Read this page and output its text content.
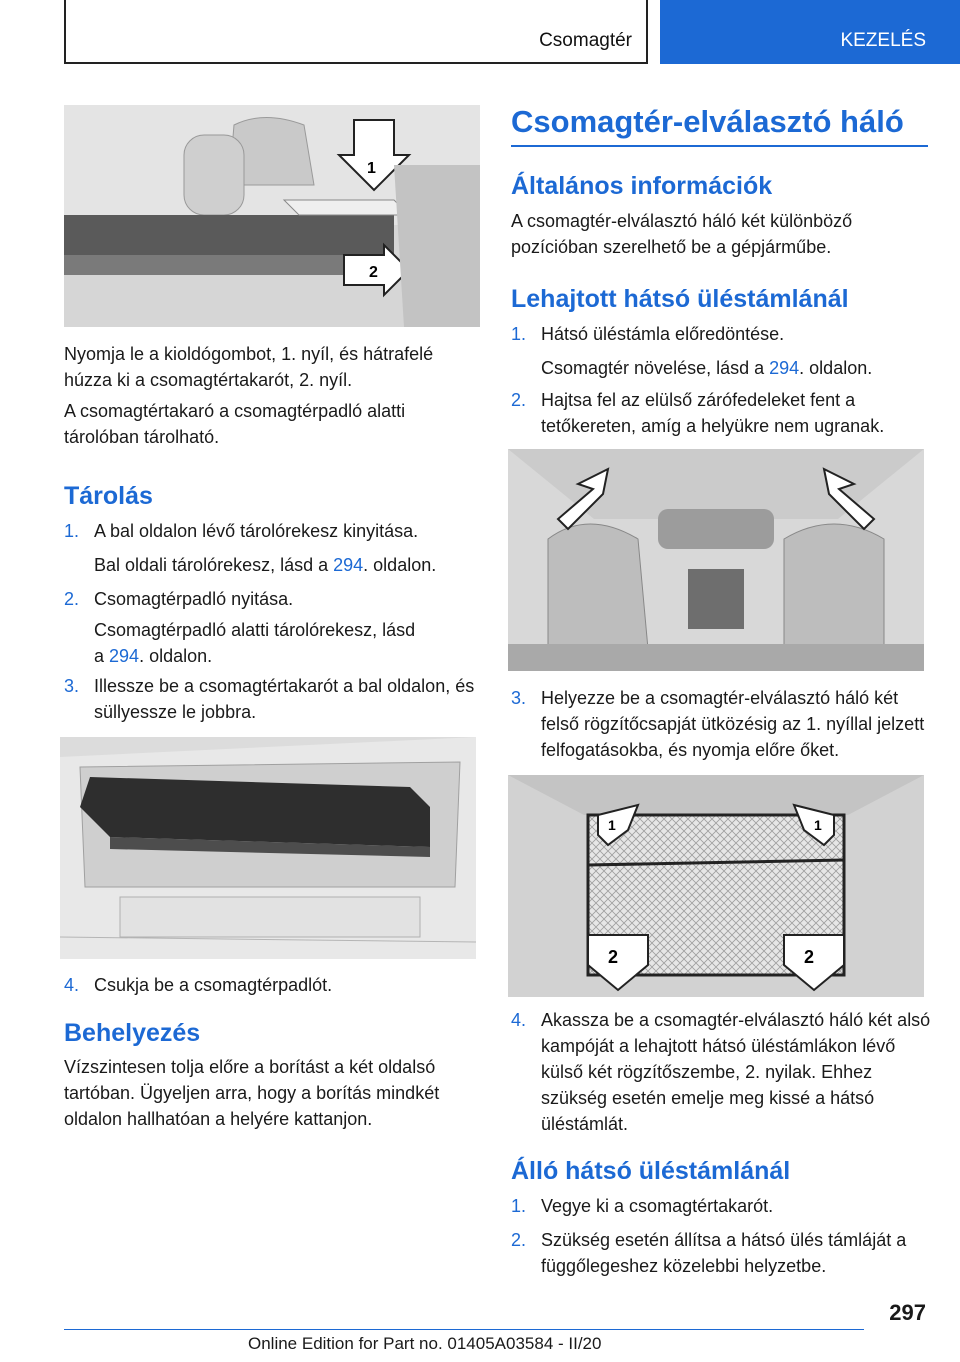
Csomagtér	KEZELÉS
1
2

Nyomja le a kioldógombot, 1. nyíl, és hátrafelé húzza ki a csomagtértakarót, 2. nyíl.

A csomagtértakaró a csomagtérpadló alatti tárolóban tárolható.

Tárolás
1. A bal oldalon lévő tárolórekesz kinyitása.
Bal oldali tárolórekesz, lásd a 294. oldalon.
2. Csomagtérpadló nyitása.
Csomagtérpadló alatti tárolórekesz, lásd
a 294. oldalon.
3. Illessze be a csomagtértakarót a bal oldalon, és süllyessze le jobbra.
4. Csukja be a csomagtérpadlót.
Behelyezés

Vízszintesen tolja előre a borítást a két oldalsó tartóban. Ügyeljen arra, hogy a borítás mindkét oldalon hallhatóan a helyére kattanjon.

Csomagtér-elválasztó háló
Általános információk

A csomagtér-elválasztó háló két különböző pozícióban szerelhető be a gépjárműbe.

Lehajtott hátsó üléstámlánál
1. Hátsó üléstámla előredöntése.
Csomagtér növelése, lásd a 294. oldalon.
2. Hajtsa fel az elülső zárófedeleket fent a tetőkereten, amíg a helyükre nem ugranak.
3. Helyezze be a csomagtér-elválasztó háló két felső rögzítőcsapját ütközésig az 1. nyíllal jelzett felfogatásokba, és nyomja előre őket.
1	1
2	2
4. Akassza be a csomagtér-elválasztó háló két alsó kampóját a lehajtott hátsó üléstámlákon lévő külső két rögzítőszembe, 2. nyilak. Ehhez szükség esetén emelje meg kissé a hátsó üléstámlát.
Álló hátsó üléstámlánál
1. Vegye ki a csomagtértakarót.
2. Szükség esetén állítsa a hátsó ülés támláját a függőlegeshez közelebbi helyzetbe.
297
Online Edition for Part no. 01405A03584 - II/20
